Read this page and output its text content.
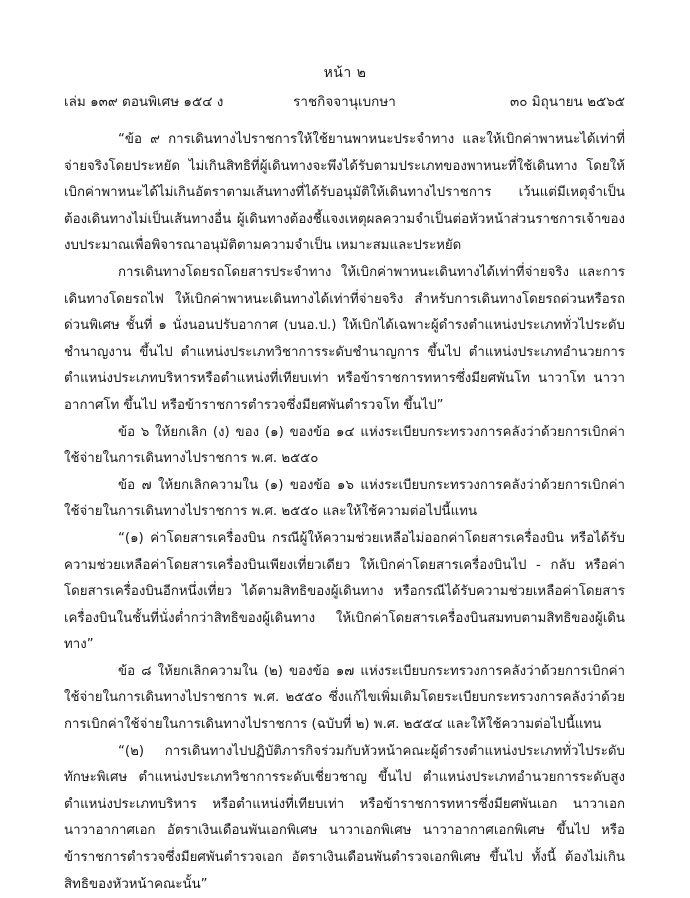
หน้า ๒
เล่ม ๑๓๙ ตอนพิเศษ ๑๕๔ ง	ราชกิจจานุเบกษา	๓๐ มิถุนายน ๒๕๖๕

“ข้อ ๙ การเดินทางไปราชการให้ใช้ยานพาหนะประจำทาง และให้เบิกค่าพาหนะได้เท่าที่จ่ายจริงโดยประหยัด ไม่เกินสิทธิที่ผู้เดินทางจะพึงได้รับตามประเภทของพาหนะที่ใช้เดินทาง โดยให้เบิกค่าพาหนะได้ไม่เกินอัตราตามเส้นทางที่ได้รับอนุมัติให้เดินทางไปราชการ เว้นแต่มีเหตุจำเป็นต้องเดินทางไม่เป็นเส้นทางอื่น ผู้เดินทางต้องชี้แจงเหตุผลความจำเป็นต่อหัวหน้าส่วนราชการเจ้าของงบประมาณเพื่อพิจารณาอนุมัติตามความจำเป็น เหมาะสมและประหยัด

การเดินทางโดยรถโดยสารประจำทาง ให้เบิกค่าพาหนะเดินทางได้เท่าที่จ่ายจริง และการเดินทางโดยรถไฟ ให้เบิกค่าพาหนะเดินทางได้เท่าที่จ่ายจริง สำหรับการเดินทางโดยรถด่วนหรือรถด่วนพิเศษ ชั้นที่ ๑ นั่งนอนปรับอากาศ (บนอ.ป.) ให้เบิกได้เฉพาะผู้ดำรงตำแหน่งประเภททั่วไประดับชำนาญงาน ขึ้นไป ตำแหน่งประเภทวิชาการระดับชำนาญการ ขึ้นไป ตำแหน่งประเภทอำนวยการ ตำแหน่งประเภทบริหารหรือตำแหน่งที่เทียบเท่า หรือข้าราชการทหารซึ่งมียศพันโท นาวาโท นาวาอากาศโท ขึ้นไป หรือข้าราชการตำรวจซึ่งมียศพันตำรวจโท ขึ้นไป”

ข้อ ๖ ให้ยกเลิก (ง) ของ (๑) ของข้อ ๑๔ แห่งระเบียบกระทรวงการคลังว่าด้วยการเบิกค่าใช้จ่ายในการเดินทางไปราชการ พ.ศ. ๒๕๕๐

ข้อ ๗ ให้ยกเลิกความใน (๑) ของข้อ ๑๖ แห่งระเบียบกระทรวงการคลังว่าด้วยการเบิกค่าใช้จ่ายในการเดินทางไปราชการ พ.ศ. ๒๕๕๐ และให้ใช้ความต่อไปนี้แทน

“(๑) ค่าโดยสารเครื่องบิน กรณีผู้ให้ความช่วยเหลือไม่ออกค่าโดยสารเครื่องบิน หรือได้รับความช่วยเหลือค่าโดยสารเครื่องบินเพียงเที่ยวเดียว ให้เบิกค่าโดยสารเครื่องบินไป - กลับ หรือค่าโดยสารเครื่องบินอีกหนึ่งเที่ยว ได้ตามสิทธิของผู้เดินทาง หรือกรณีได้รับความช่วยเหลือค่าโดยสารเครื่องบินในชั้นที่นั่งต่ำกว่าสิทธิของผู้เดินทาง ให้เบิกค่าโดยสารเครื่องบินสมทบตามสิทธิของผู้เดินทาง”

ข้อ ๘ ให้ยกเลิกความใน (๒) ของข้อ ๑๗ แห่งระเบียบกระทรวงการคลังว่าด้วยการเบิกค่าใช้จ่ายในการเดินทางไปราชการ พ.ศ. ๒๕๕๐ ซึ่งแก้ไขเพิ่มเติมโดยระเบียบกระทรวงการคลังว่าด้วยการเบิกค่าใช้จ่ายในการเดินทางไปราชการ (ฉบับที่ ๒) พ.ศ. ๒๕๕๔ และให้ใช้ความต่อไปนี้แทน

“(๒) การเดินทางไปปฏิบัติภารกิจร่วมกับหัวหน้าคณะผู้ดำรงตำแหน่งประเภททั่วไประดับทักษะพิเศษ ตำแหน่งประเภทวิชาการระดับเชี่ยวชาญ ขึ้นไป ตำแหน่งประเภทอำนวยการระดับสูง ตำแหน่งประเภทบริหาร หรือตำแหน่งที่เทียบเท่า หรือข้าราชการทหารซึ่งมียศพันเอก นาวาเอก นาวาอากาศเอก อัตราเงินเดือนพันเอกพิเศษ นาวาเอกพิเศษ นาวาอากาศเอกพิเศษ ขึ้นไป หรือข้าราชการตำรวจซึ่งมียศพันตำรวจเอก อัตราเงินเดือนพันตำรวจเอกพิเศษ ขึ้นไป ทั้งนี้ ต้องไม่เกินสิทธิของหัวหน้าคณะนั้น”
